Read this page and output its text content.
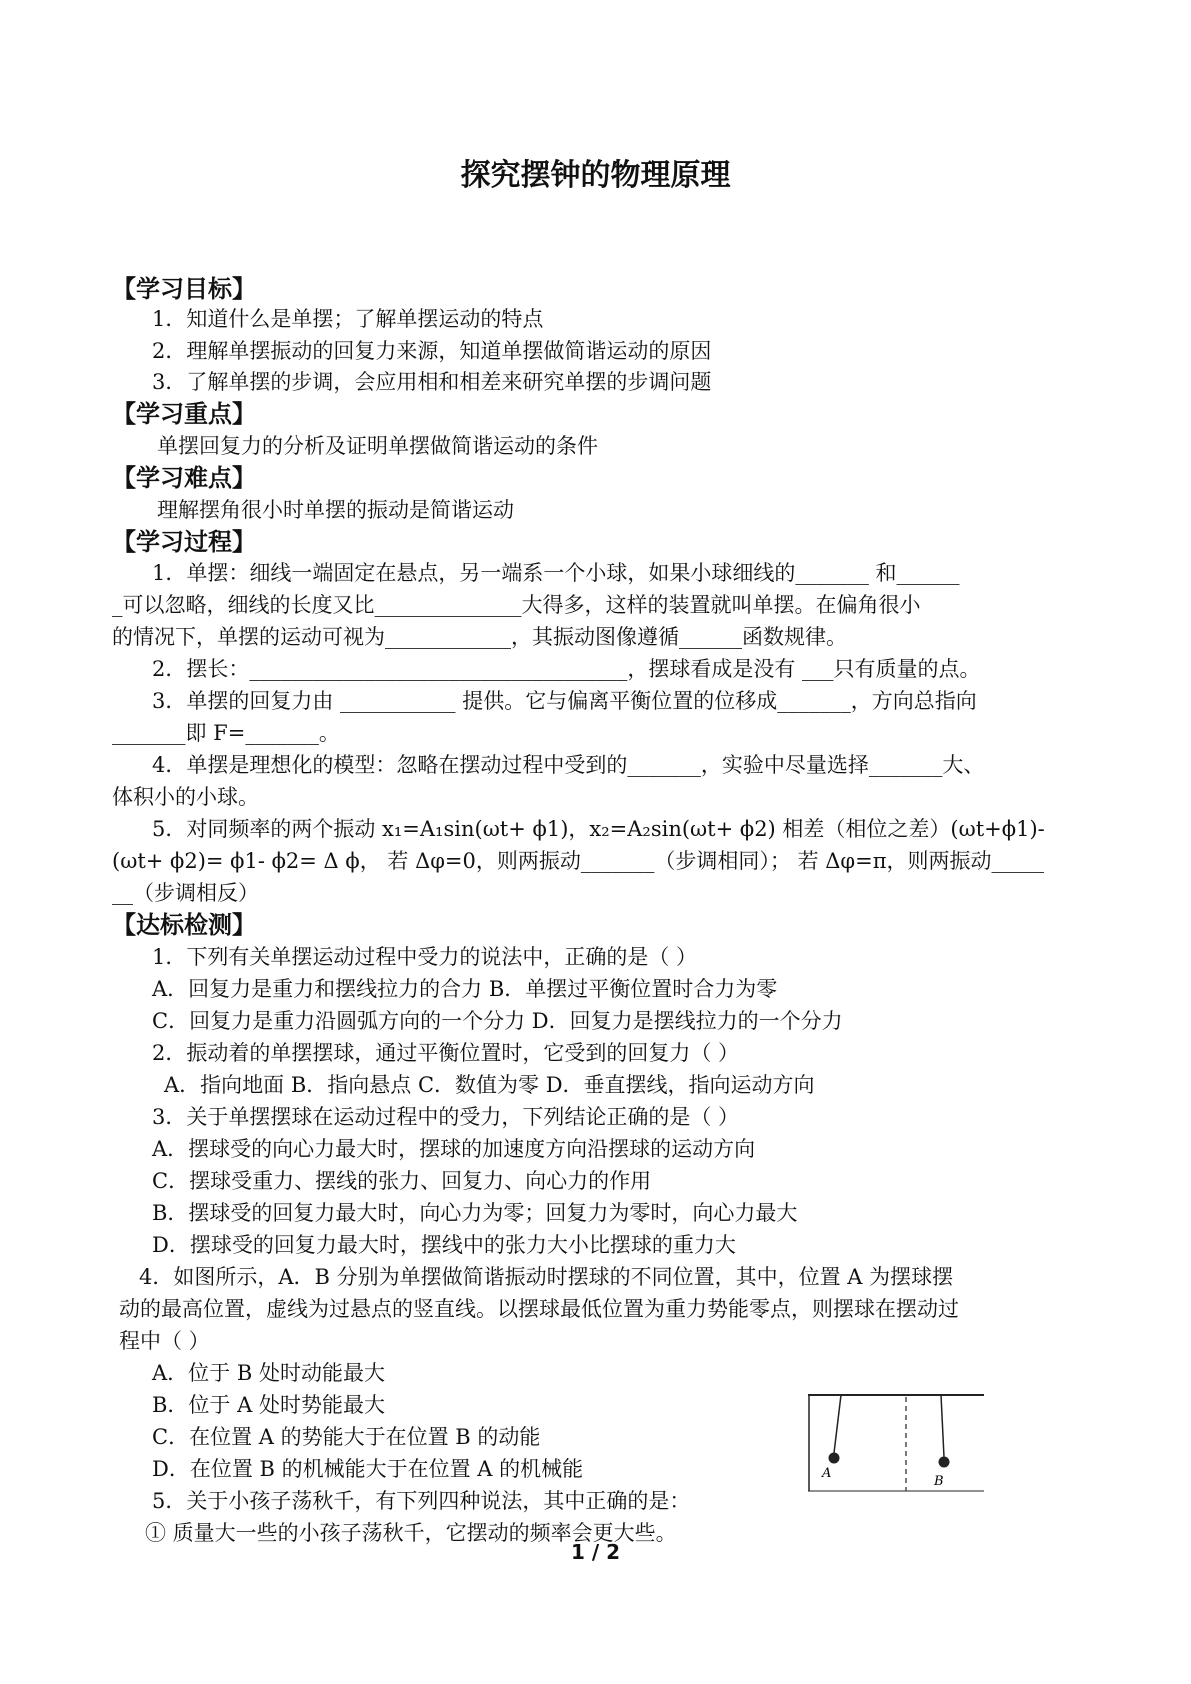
探究摆钟的物理原理
【学习目标】
1．知道什么是单摆；了解单摆运动的特点
2．理解单摆振动的回复力来源，知道单摆做简谐运动的原因
3．了解单摆的步调，会应用相和相差来研究单摆的步调问题
【学习重点】
单摆回复力的分析及证明单摆做简谐运动的条件
【学习难点】
理解摆角很小时单摆的振动是简谐运动
【学习过程】
1．单摆：细线一端固定在悬点，另一端系一个小球，如果小球细线的_______ 和______
_可以忽略，细线的长度又比______________大得多，这样的装置就叫单摆。在偏角很小
的情况下，单摆的运动可视为____________，其振动图像遵循______函数规律。
2．摆长：____________________________________，摆球看成是没有 ___只有质量的点。
3．单摆的回复力由 ___________ 提供。它与偏离平衡位置的位移成_______，方向总指向
_______即 F=_______。
4．单摆是理想化的模型：忽略在摆动过程中受到的_______，实验中尽量选择_______大、
体积小的小球。
5．对同频率的两个振动 x₁=A₁sin(ωt+ ϕ1)，x₂=A₂sin(ωt+ ϕ2) 相差（相位之差）(ωt+ϕ1)-
(ωt+ ϕ2)= ϕ1- ϕ2= Δ ϕ， 若 Δφ=0，则两振动_______（步调相同）； 若 Δφ=π，则两振动_____
__（步调相反）
【达标检测】
1．下列有关单摆运动过程中受力的说法中，正确的是（ ）
A．回复力是重力和摆线拉力的合力 B．单摆过平衡位置时合力为零
C．回复力是重力沿圆弧方向的一个分力 D．回复力是摆线拉力的一个分力
2．振动着的单摆摆球，通过平衡位置时，它受到的回复力（ ）
A．指向地面 B．指向悬点 C．数值为零 D．垂直摆线，指向运动方向
3．关于单摆摆球在运动过程中的受力，下列结论正确的是（ ）
A．摆球受的向心力最大时，摆球的加速度方向沿摆球的运动方向
C．摆球受重力、摆线的张力、回复力、向心力的作用
B．摆球受的回复力最大时，向心力为零；回复力为零时，向心力最大
D．摆球受的回复力最大时，摆线中的张力大小比摆球的重力大
4．如图所示，A．B 分别为单摆做简谐振动时摆球的不同位置，其中，位置 A 为摆球摆
动的最高位置，虚线为过悬点的竖直线。以摆球最低位置为重力势能零点，则摆球在摆动过
程中（ ）
A．位于 B 处时动能最大
B．位于 A 处时势能最大
C．在位置 A 的势能大于在位置 B 的动能
D．在位置 B 的机械能大于在位置 A 的机械能
5．关于小孩子荡秋千，有下列四种说法，其中正确的是：
① 质量大一些的小孩子荡秋千，它摆动的频率会更大些。
A
B
1 / 2
